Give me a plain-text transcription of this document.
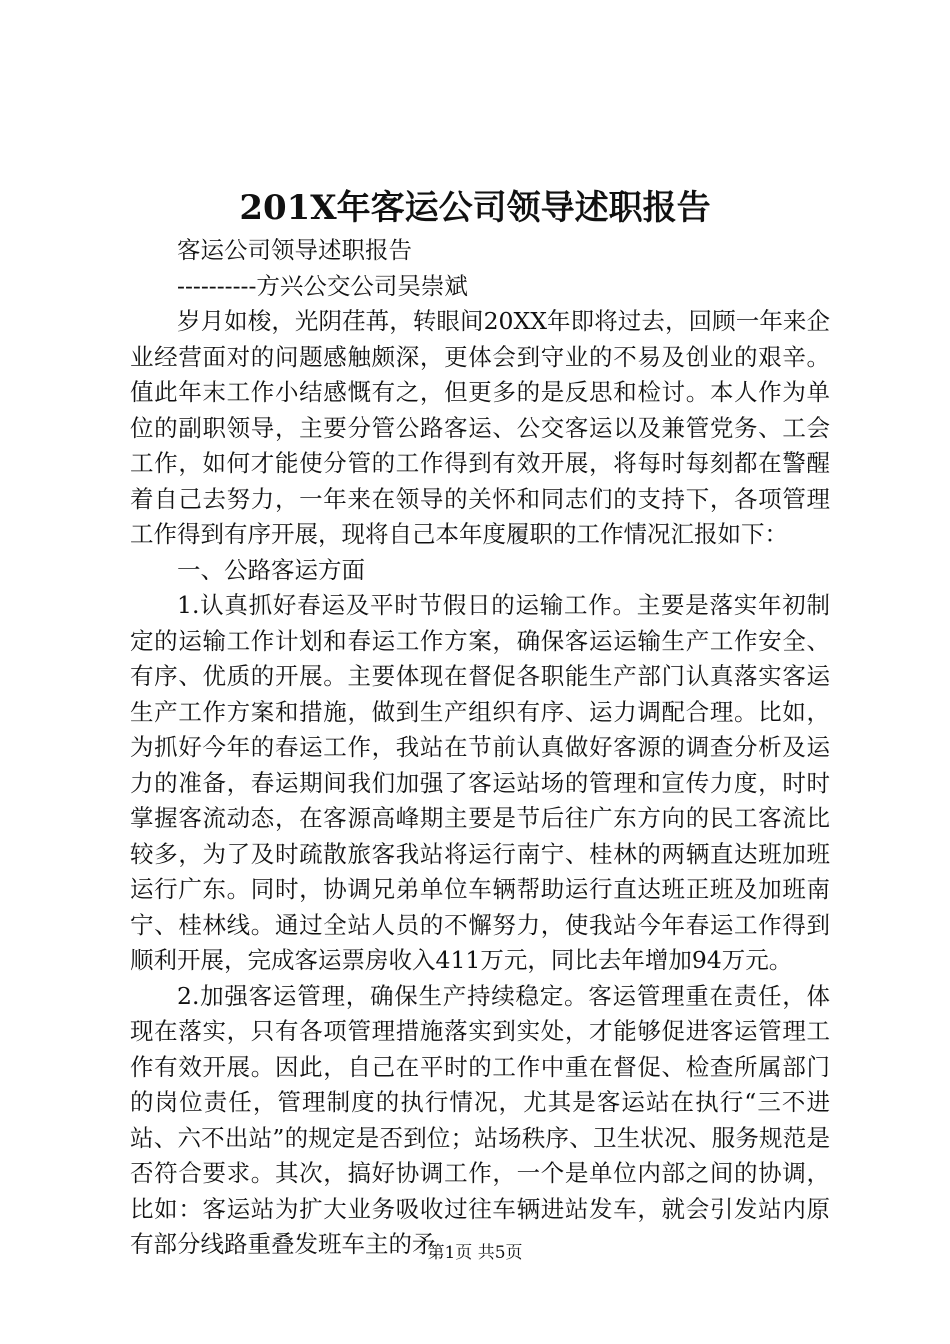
201X年客运公司领导述职报告

客运公司领导述职报告

----------方兴公交公司吴崇斌

岁月如梭，光阴荏苒，转眼间20XX年即将过去，回顾一年来企业经营面对的问题感触颇深，更体会到守业的不易及创业的艰辛。值此年末工作小结感慨有之，但更多的是反思和检讨。本人作为单位的副职领导，主要分管公路客运、公交客运以及兼管党务、工会工作，如何才能使分管的工作得到有效开展，将每时每刻都在警醒着自己去努力，一年来在领导的关怀和同志们的支持下，各项管理工作得到有序开展，现将自己本年度履职的工作情况汇报如下：

一、公路客运方面

1.认真抓好春运及平时节假日的运输工作。主要是落实年初制定的运输工作计划和春运工作方案，确保客运运输生产工作安全、有序、优质的开展。主要体现在督促各职能生产部门认真落实客运生产工作方案和措施，做到生产组织有序、运力调配合理。比如，为抓好今年的春运工作，我站在节前认真做好客源的调查分析及运力的准备，春运期间我们加强了客运站场的管理和宣传力度，时时掌握客流动态，在客源高峰期主要是节后往广东方向的民工客流比较多，为了及时疏散旅客我站将运行南宁、桂林的两辆直达班加班运行广东。同时，协调兄弟单位车辆帮助运行直达班正班及加班南宁、桂林线。通过全站人员的不懈努力，使我站今年春运工作得到顺利开展，完成客运票房收入411万元，同比去年增加94万元。

2.加强客运管理，确保生产持续稳定。客运管理重在责任，体现在落实，只有各项管理措施落实到实处，才能够促进客运管理工作有效开展。因此，自己在平时的工作中重在督促、检查所属部门的岗位责任，管理制度的执行情况，尤其是客运站在执行“三不进站、六不出站”的规定是否到位；站场秩序、卫生状况、服务规范是否符合要求。其次，搞好协调工作，一个是单位内部之间的协调，比如：客运站为扩大业务吸收过往车辆进站发车，就会引发站内原有部分线路重叠发班车主的矛

第1页 共5页
